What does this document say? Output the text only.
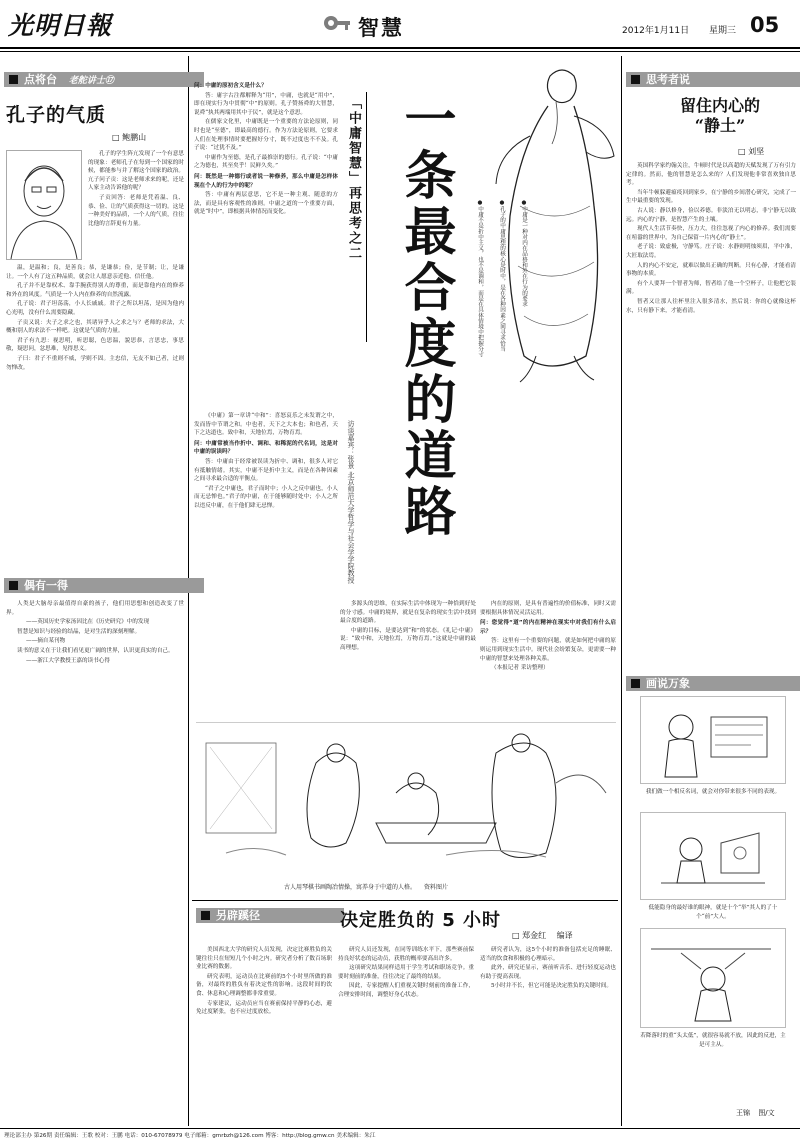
光明日報	智慧	2012年1月11日 星期三 05
点将台 老舵讲士⑰
孔子的气质
□ 鲍鹏山

孔子的学生阵亢发现了一个有意思的现象：老师孔子在每到一个国家的时候，都能参与并了解这个国家的政治。亢子问子贡：这是老师求来的呢，还是人家主动告诉他的呢？

子贡回答：老师是凭着温、良、恭、俭、让的气质获得这一切的。这是一种美好的品质，一个人的气质，往往比他的言辞更有力量。

温，是温和；良，是善良；恭，是谦恭；俭，是节制；让，是谦让。一个人有了这五种品质，就会让人愿意亲近他、信任他。

孔子并不是靠权术、靠手腕获得别人的尊重，而是靠他内在的修养和外在的风度。气质是一个人内在修养的自然流露。

孔子说：君子坦荡荡，小人长戚戚。君子之所以坦荡，是因为他内心光明，没有什么需要隐藏。

子贡又说：夫子之求之也，其诸异乎人之求之与？老师的求法，大概和别人的求法不一样吧。这就是气质的力量。

君子有九思：视思明，听思聪，色思温，貌思恭，言思忠，事思敬，疑思问，忿思难，见得思义。

子曰：君子不重则不威，学则不固。主忠信，无友不如己者，过则勿惮改。

偶有一得

人类是大脑母亲最值得自豪的孩子，他们用思想和创造改变了世界。

——英国历史学家汤因比在《历史研究》中的发现

智慧是知识与经验的结晶，是对生活的深刻理解。

——摘自某刊物

读书的意义在于让我们看见更广阔的世界，认识更真实的自己。

——浙江大学教授王嘉的读书心得

问：中庸的原初含义是什么？

答：庸字古注都解释为“用”，中庸，也就是“用中”，即在现实行为中贯彻“中”的原则。孔子赞扬舜的大智慧，说舜“执其两端用其中于民”，就是这个意思。

在儒家文化里，中庸既是一个重要的方法论原则，同时也是“至德”，即最高的德行。作为方法论原则，它要求人们在处理事情时要把握好分寸，既不过度也不不及。孔子说：“过犹不及。”

中庸作为至德，是孔子最推崇的德行。孔子说：“中庸之为德也，其至矣乎！民鲜久矣。”

问：既然是一种德行或者说一种修养，那么中庸是怎样体现在个人的行为中的呢？

答：中庸有两层意思，它不是一种主观、随意的方法，而是具有客观性的准则。中庸之道的一个重要方面，就是“时中”，即根据具体情况而变化。

《中庸》第一章讲“中和”：喜怒哀乐之未发谓之中，发而皆中节谓之和。中也者，天下之大本也；和也者，天下之达道也。致中和，天地位焉，万物育焉。

问：中庸常被当作折中、调和、和稀泥的代名词，这是对中庸的误读吗？

答：中庸由于经常被误读为折中、调和，很多人对它有抵触情绪。其实，中庸不是折中主义，而是在各种因素之间寻求最合适的平衡点。

“君子之中庸也，君子而时中；小人之反中庸也，小人而无忌惮也。”君子的中庸，在于能够随时处中；小人之所以违反中庸，在于他们肆无忌惮。

「中庸智慧」再思考之二 一条最合度的道路
访谈嘉宾：张景 北京师范大学哲学与社会学学院教授
●中庸是一种对内在品格和外在行为的要求
●孔子的中庸思想的核心是时中，是在各种因素之间寻求恰当
●中庸不是折中主义，也不是调和，而是在具体情境中把握分寸

多源头的思维，在实际生活中体现为一种恰到好处的分寸感。中庸的境界，就是在复杂的现实生活中找到最合度的道路。

中庸的目标，是要达到“和”的状态。《礼记·中庸》说：“致中和，天地位焉，万物育焉。”这就是中庸的最高理想。

内在的原则，是具有普遍性的价值标准，同时又需要根据具体情况灵活运用。

问：您觉得“道”的内在精神在现实中对我们有什么启示？

答：这里有一个重要的问题，就是如何把中庸的原则运用到现实生活中。现代社会纷繁复杂，更需要一种中庸的智慧来处理各种关系。

（本报记者 采访整理）

古人用琴棋书画陶冶情操，寓养身于中道的人格。 资料图片
另辟蹊径	决定胜负的 5 小时
□ 郑金红 编译

美国西北大学的研究人员发现，决定比赛胜负的关键往往只在短短几个小时之内。研究者分析了数百场职业比赛的数据。

研究表明，运动员在比赛前的5个小时里所做的准备，对最终的胜负有着决定性的影响。这段时间的饮食、休息和心理调整都非常重要。

专家建议，运动员应当在赛前保持平静的心态，避免过度紧张，也不应过度放松。

研究人员还发现，在同等训练水平下，那些赛前保持良好状态的运动员，获胜的概率要高出许多。

这项研究结果同样适用于学生考试和职场竞争。重要时刻前的准备，往往决定了最终的结果。

因此，专家提醒人们重视关键时刻前的准备工作，合理安排时间，调整好身心状态。

研究者认为，这5个小时的准备包括充足的睡眠、适当的饮食和积极的心理暗示。

此外，研究还显示，赛前听音乐、进行轻度运动也有助于提高表现。

5小时并不长，但它可能是决定胜负的关键时间。

思考者说
留住内心的
“静土”
□ 刘坚

英国科学家约翰关注，牛顿时代是以高超的天赋发现了万有引力定律的。然而，他的智慧是怎么来的？人们发现他非常喜欢独自思考。

当年牛顿躲避瘟疫回到家乡，在宁静的乡间潜心研究，完成了一生中最重要的发现。

古人说：静以修身，俭以养德。非淡泊无以明志，非宁静无以致远。内心的宁静，是智慧产生的土壤。

现代人生活节奏快，压力大，往往忽视了内心的修养。我们需要在喧嚣的世界中，为自己保留一片内心的“静土”。

老子说：致虚极，守静笃。庄子说：水静则明烛须眉，平中准，大匠取法焉。

人的内心不安定，就难以做出正确的判断。只有心静，才能看清事物的本质。

有个人要拜一个智者为师，智者给了他一个空杯子，让他把它装满。

智者又让那人往杯里注入很多清水，然后说：你的心就像这杯水，只有静下来，才能看清。

画说万象
我们做一个相反名词，就会对你带来很多不同的表现。
低能隐身的最好谁的眼神，就是十个“举”其人的了十个“前”大人。
若降落时的重“头太低”，就很容易就不放，因此的反进，主是可主从。
王锦 图/文
理论部主办 第26期 责任编辑：王歌 校对：王鹏 电话：010-67078979 电子邮箱：gmrbzh@126.com 博客：http://blog.gmw.cn 美术编辑：朱江
